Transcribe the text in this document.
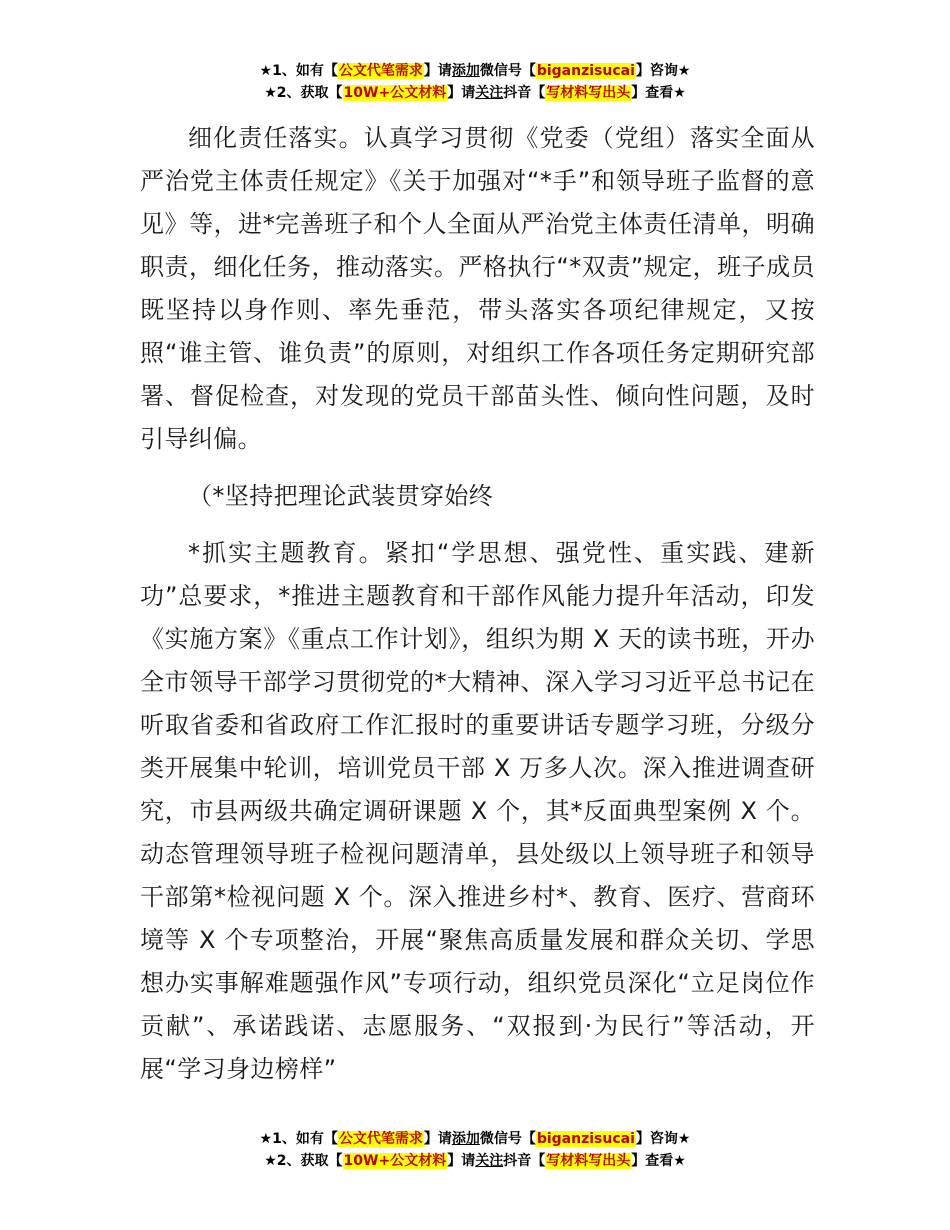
★1、如有【公文代笔需求】请添加微信号【biganzisucai】咨询★
★2、获取【10W+公文材料】请关注抖音【写材料写出头】查看★

细化责任落实。认真学习贯彻《党委（党组）落实全面从严治党主体责任规定》《关于加强对“*手”和领导班子监督的意见》等，进*完善班子和个人全面从严治党主体责任清单，明确职责，细化任务，推动落实。严格执行“*双责”规定，班子成员既坚持以身作则、率先垂范，带头落实各项纪律规定，又按照“谁主管、谁负责”的原则，对组织工作各项任务定期研究部署、督促检查，对发现的党员干部苗头性、倾向性问题，及时引导纠偏。

（*坚持把理论武装贯穿始终

*抓实主题教育。紧扣“学思想、强党性、重实践、建新功”总要求，*推进主题教育和干部作风能力提升年活动，印发《实施方案》《重点工作计划》，组织为期 X 天的读书班，开办全市领导干部学习贯彻党的*大精神、深入学习习近平总书记在听取省委和省政府工作汇报时的重要讲话专题学习班，分级分类开展集中轮训，培训党员干部 X 万多人次。深入推进调查研究，市县两级共确定调研课题 X 个，其*反面典型案例 X 个。动态管理领导班子检视问题清单，县处级以上领导班子和领导干部第*检视问题 X 个。深入推进乡村*、教育、医疗、营商环境等 X 个专项整治，开展“聚焦高质量发展和群众关切、学思想办实事解难题强作风”专项行动，组织党员深化“立足岗位作贡献”、承诺践诺、志愿服务、“双报到·为民行”等活动，开展“学习身边榜样”

★1、如有【公文代笔需求】请添加微信号【biganzisucai】咨询★
★2、获取【10W+公文材料】请关注抖音【写材料写出头】查看★
